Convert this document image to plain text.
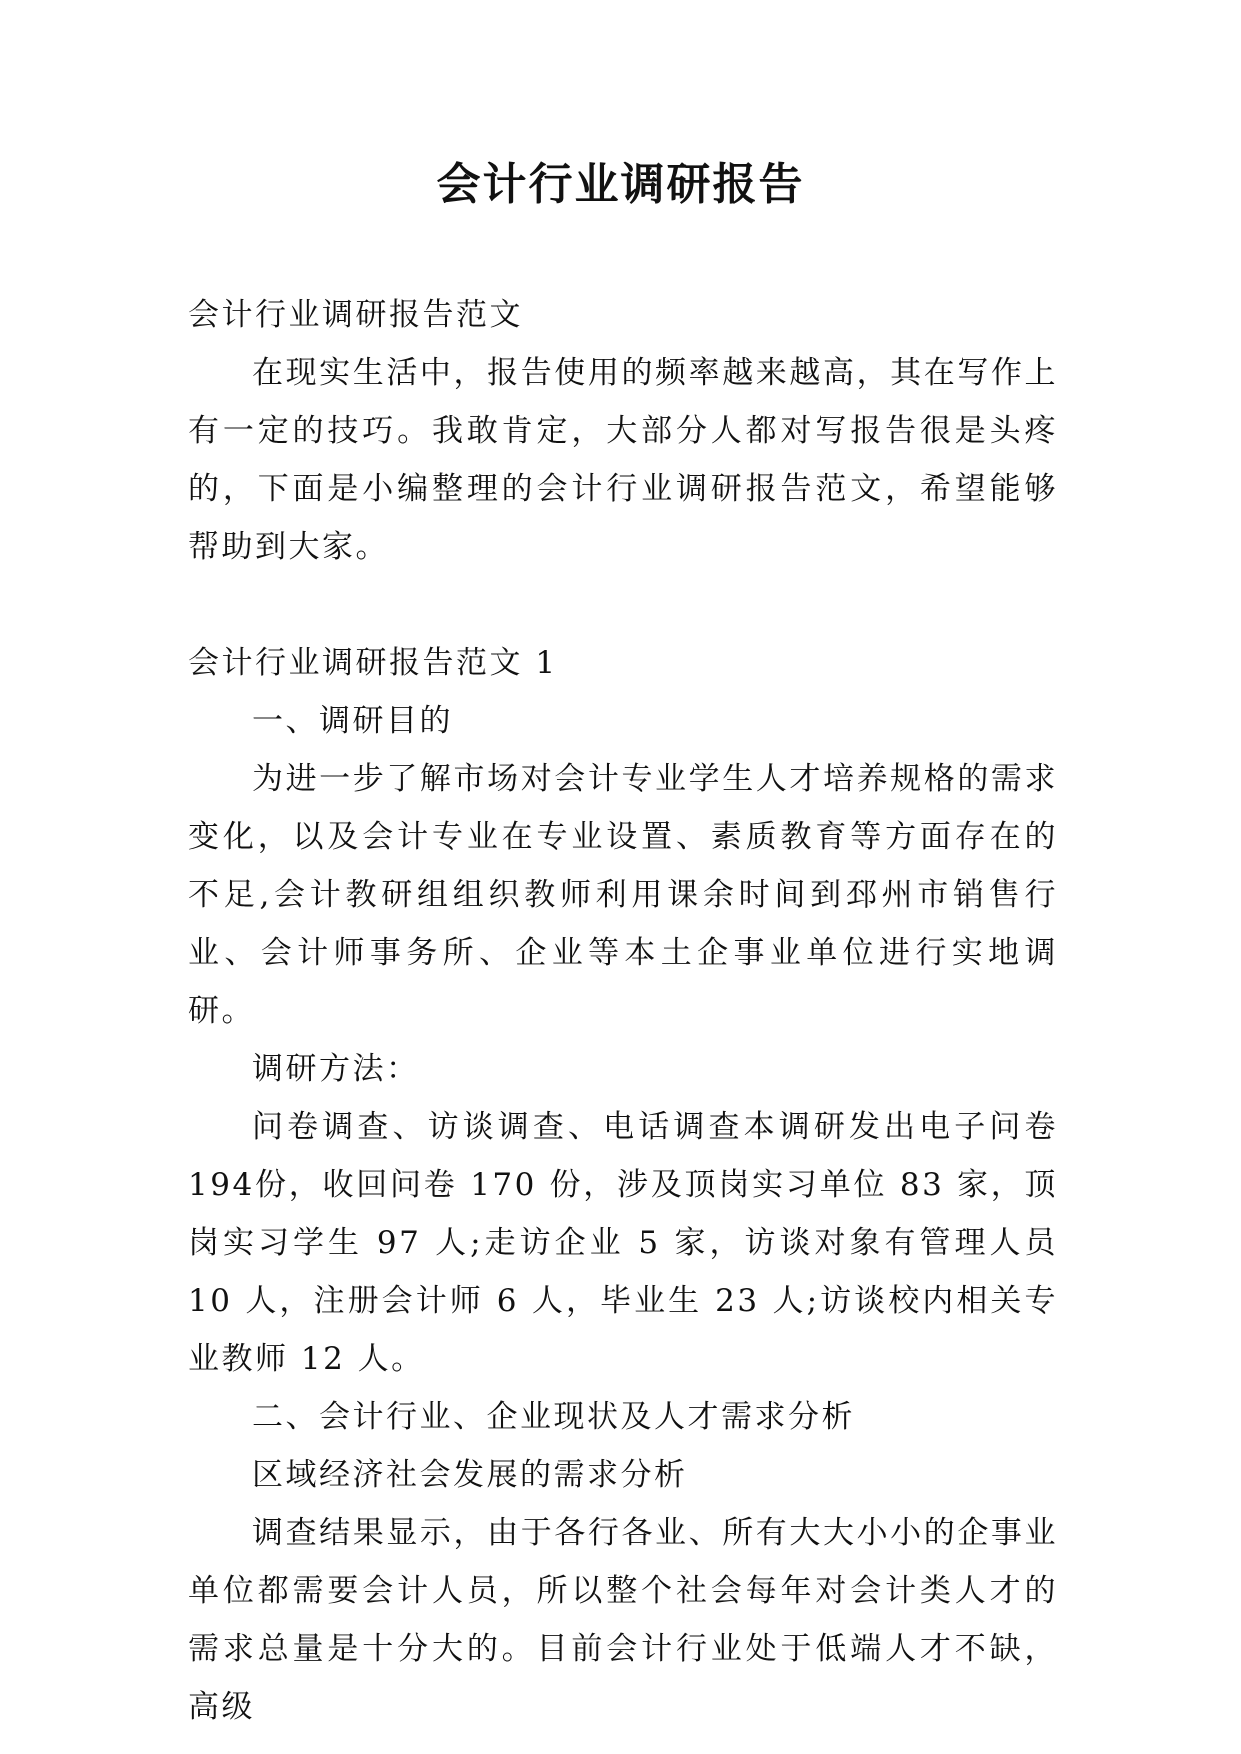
会计行业调研报告

会计行业调研报告范文

在现实生活中，报告使用的频率越来越高，其在写作上有一定的技巧。我敢肯定，大部分人都对写报告很是头疼的，下面是小编整理的会计行业调研报告范文，希望能够帮助到大家。

会计行业调研报告范文 1

一、调研目的

为进一步了解市场对会计专业学生人才培养规格的需求变化，以及会计专业在专业设置、素质教育等方面存在的不足,会计教研组组织教师利用课余时间到邳州市销售行业、会计师事务所、企业等本土企事业单位进行实地调研。

调研方法：

问卷调查、访谈调查、电话调查本调研发出电子问卷 194份，收回问卷 170 份，涉及顶岗实习单位 83 家，顶岗实习学生 97 人;走访企业 5 家，访谈对象有管理人员 10 人，注册会计师 6 人，毕业生 23 人;访谈校内相关专业教师 12 人。

二、会计行业、企业现状及人才需求分析

区域经济社会发展的需求分析

调查结果显示，由于各行各业、所有大大小小的企事业单位都需要会计人员，所以整个社会每年对会计类人才的需求总量是十分大的。目前会计行业处于低端人才不缺，高级
